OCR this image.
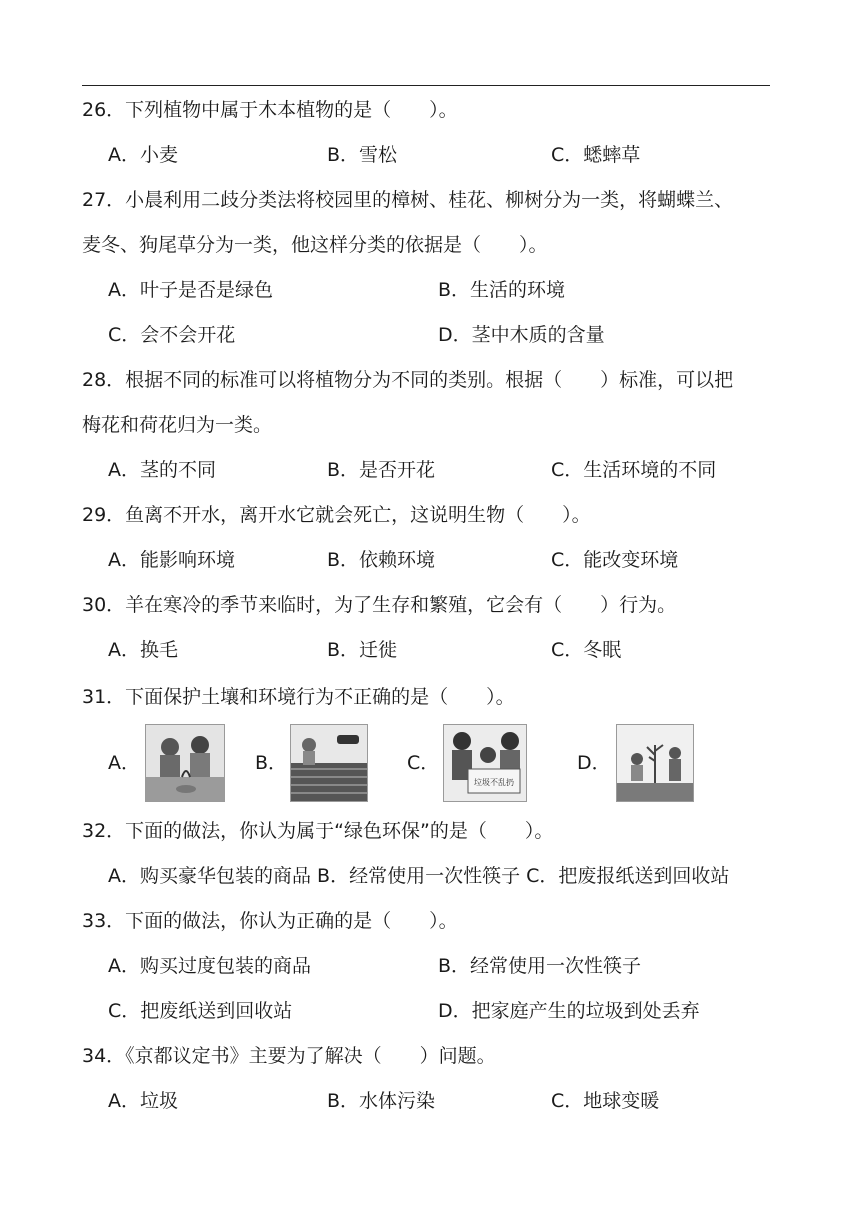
26．下列植物中属于木本植物的是（　　）。
A．小麦	B．雪松	C．蟋蟀草
27．小晨利用二歧分类法将校园里的樟树、桂花、柳树分为一类，将蝴蝶兰、
麦冬、狗尾草分为一类，他这样分类的依据是（　　）。
A．叶子是否是绿色	B．生活的环境
C．会不会开花	D．茎中木质的含量
28．根据不同的标准可以将植物分为不同的类别。根据（　　）标准，可以把
梅花和荷花归为一类。
A．茎的不同	B．是否开花	C．生活环境的不同
29．鱼离不开水，离开水它就会死亡，这说明生物（　　）。
A．能影响环境	B．依赖环境	C．能改变环境
30．羊在寒冷的季节来临时，为了生存和繁殖，它会有（　　）行为。
A．换毛	B．迁徙	C．冬眠
31．下面保护土壤和环境行为不正确的是（　　）。
A．	B．	C．
垃圾不乱扔
D．
32．下面的做法，你认为属于“绿色环保”的是（　　）。
A．购买豪华包装的商品 B．经常使用一次性筷子 C．把废报纸送到回收站
33．下面的做法，你认为正确的是（　　）。
A．购买过度包装的商品	B．经常使用一次性筷子
C．把废纸送到回收站	D．把家庭产生的垃圾到处丢弃
34．《京都议定书》主要为了解决（　　）问题。
A．垃圾	B．水体污染	C．地球变暖
